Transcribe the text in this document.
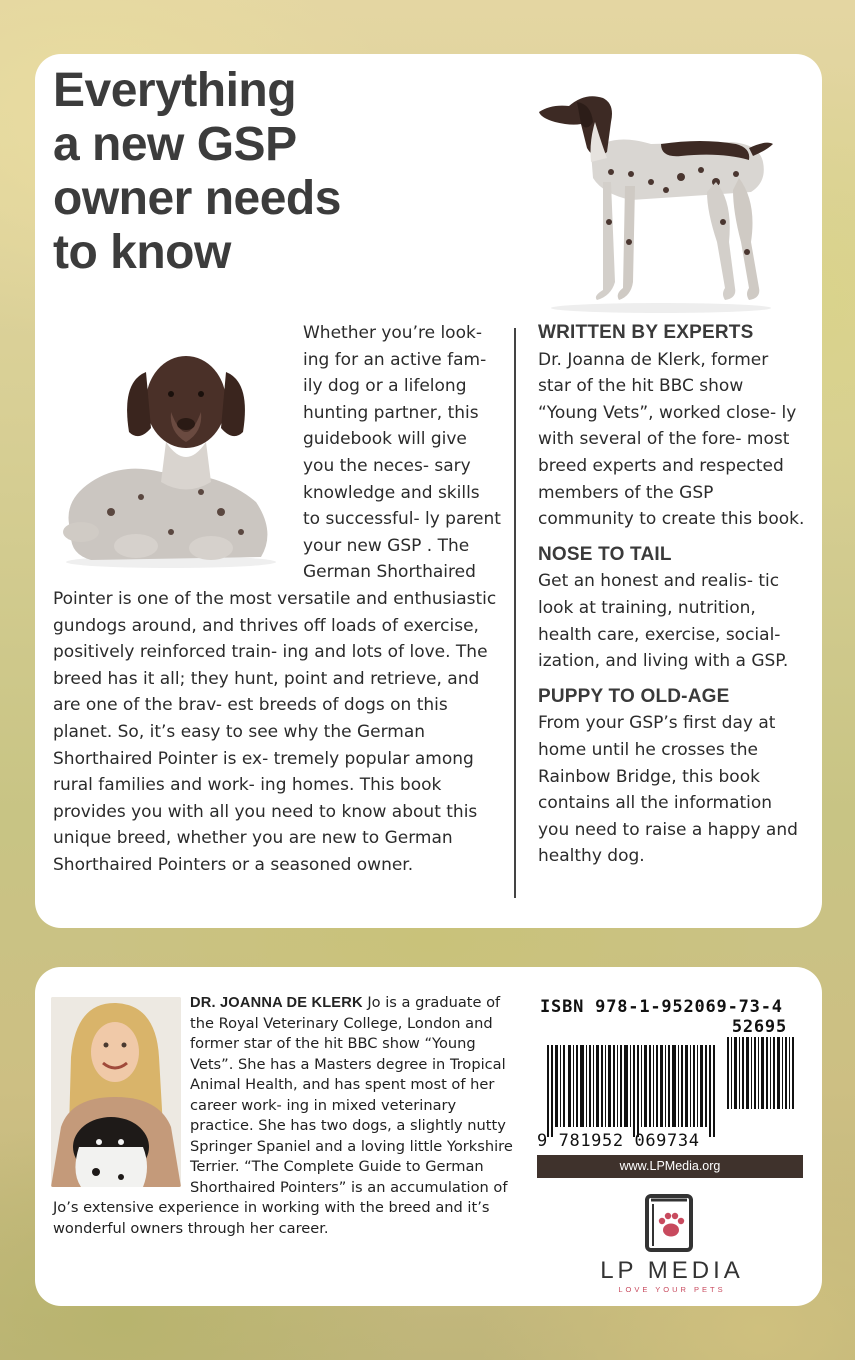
Everything
a new GSP
owner needs
to know

Whether you’re look- ing for an active fam- ily dog or a lifelong hunting partner, this guidebook will give you the neces- sary knowledge and skills to successful- ly parent your new GSP . The German Shorthaired Pointer is one of the most versatile and enthusiastic gundogs around, and thrives off loads of exercise, positively reinforced train- ing and lots of love. The breed has it all; they hunt, point and retrieve, and are one of the brav- est breeds of dogs on this planet. So, it’s easy to see why the German Shorthaired Pointer is ex- tremely popular among rural families and work- ing homes. This book provides you with all you need to know about this unique breed, whether you are new to German Shorthaired Pointers or a seasoned owner.

WRITTEN BY EXPERTS

Dr. Joanna de Klerk, former star of the hit BBC show “Young Vets”, worked close- ly with several of the fore- most breed experts and respected members of the GSP community to create this book.

NOSE TO TAIL

Get an honest and realis- tic look at training, nutrition, health care, exercise, social- ization, and living with a GSP.

PUPPY TO OLD-AGE

From your GSP’s first day at home until he crosses the Rainbow Bridge, this book contains all the information you need to raise a happy and healthy dog.

DR. JOANNA DE KLERK Jo is a graduate of the Royal Veterinary College, London and former star of the hit BBC show “Young Vets”. She has a Masters degree in Tropical Animal Health, and has spent most of her career work- ing in mixed veterinary practice. She has two dogs, a slightly nutty Springer Spaniel and a loving little Yorkshire Terrier. “The Complete Guide to German Shorthaired Pointers” is an accumulation of Jo’s extensive experience in working with the breed and it’s wonderful owners through her career.

ISBN 978-1-952069-73-4
52695
9 781952 069734
www.LPMedia.org
LP MEDIA
LOVE YOUR PETS
